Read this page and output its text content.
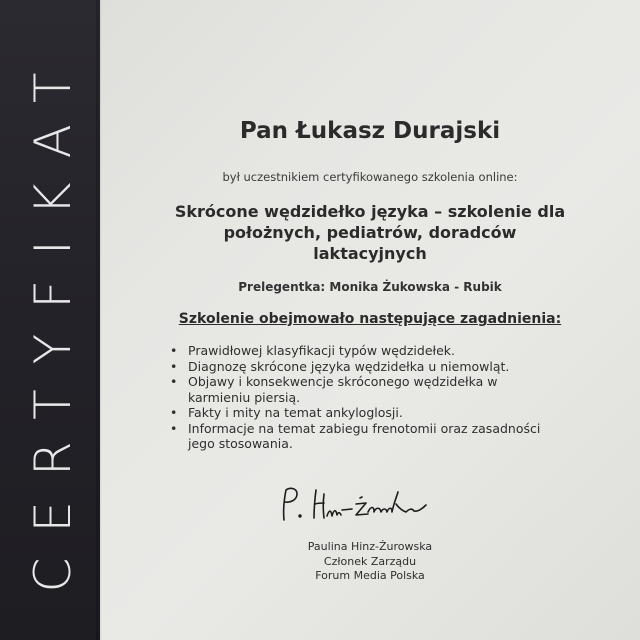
CERTYFIKAT	Pan Łukasz Durajski
był uczestnikiem certyfikowanego szkolenia online:
Skrócone wędzidełko języka – szkolenie dla
położnych, pediatrów, doradców
laktacyjnych
Prelegentka: Monika Żukowska - Rubik
Szkolenie obejmowało następujące zagadnienia:
• Prawidłowej klasyfikacji typów wędzidełek.
• Diagnozę skrócone języka wędzidełka u niemowląt.
• Objawy i konsekwencje skróconego wędzidełka w
karmieniu piersią.
• Fakty i mity na temat ankyloglosji.
• Informacje na temat zabiegu frenotomii oraz zasadności
jego stosowania.
Paulina Hinz-Żurowska
Członek Zarządu
Forum Media Polska
